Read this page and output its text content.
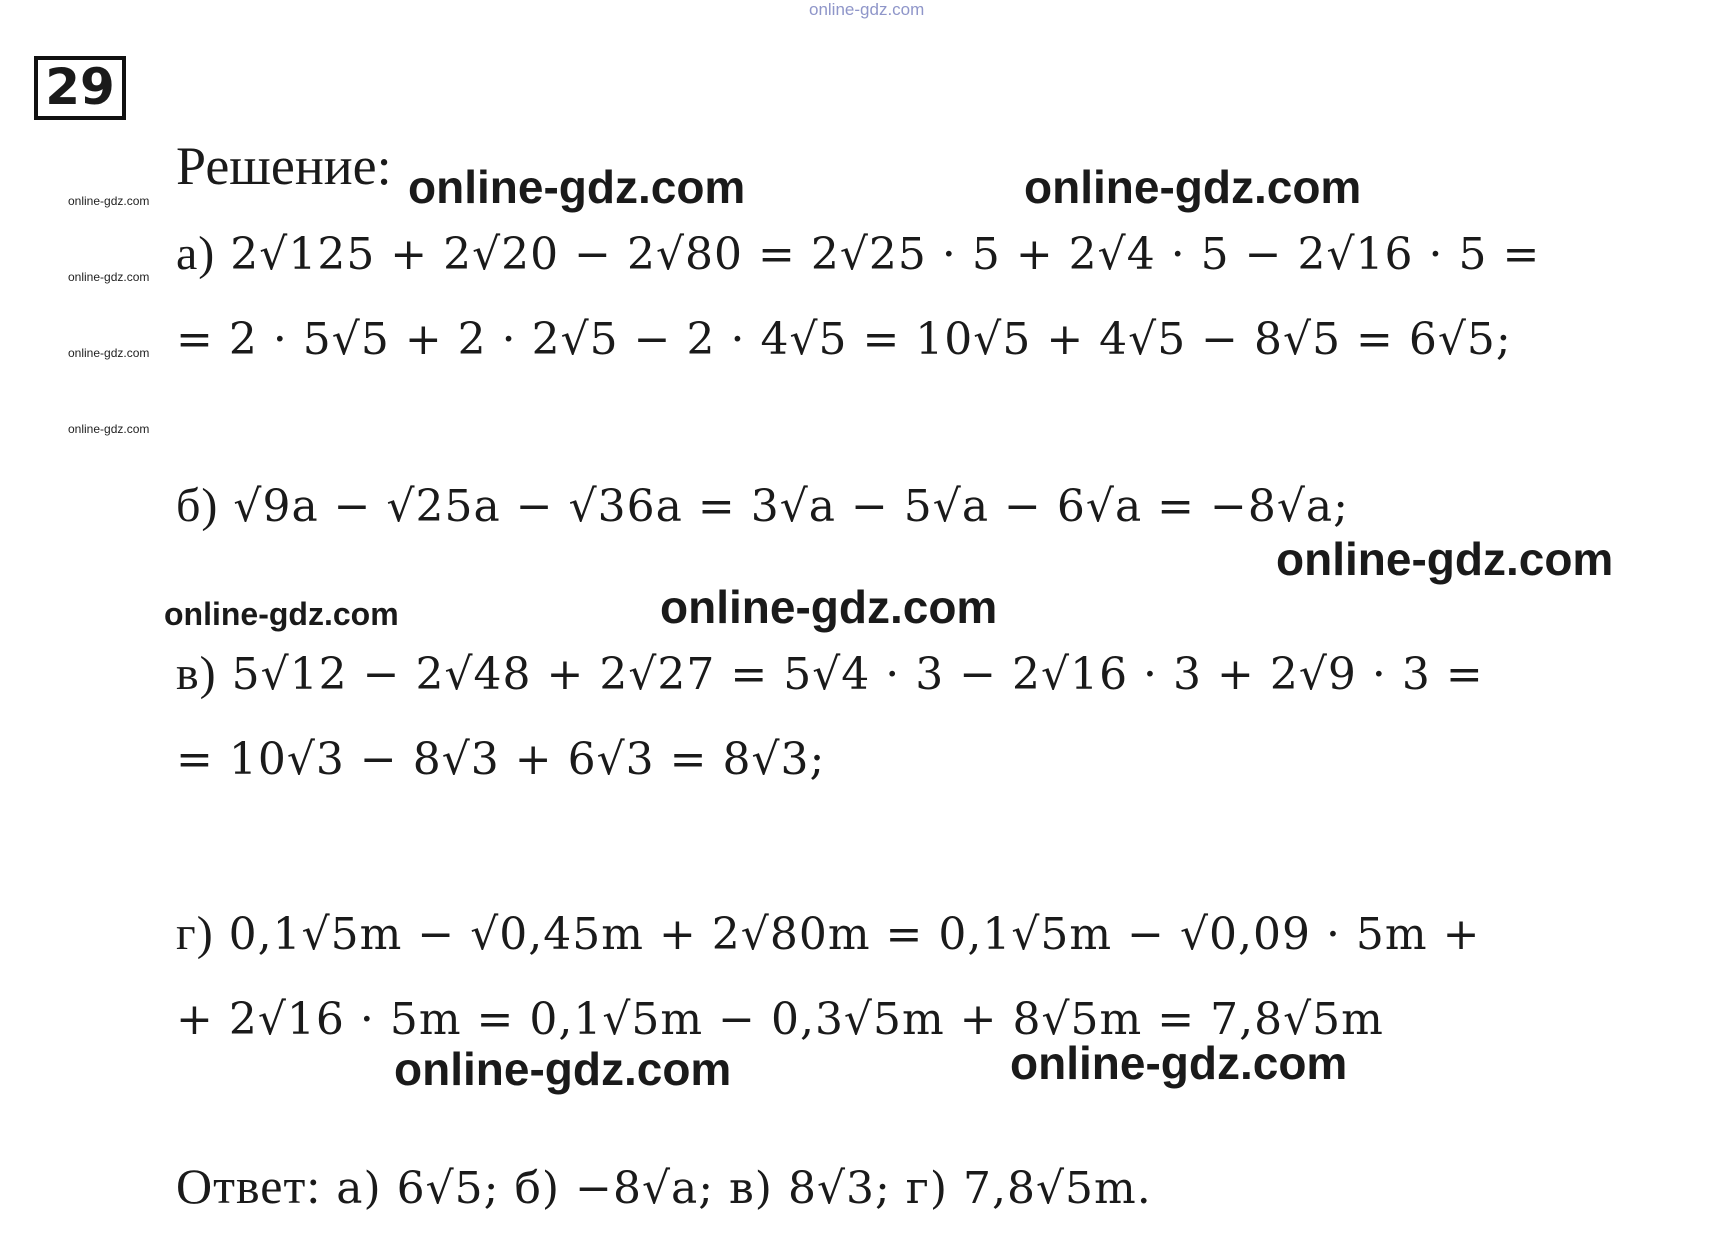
online-gdz.com
29
Решение:
online-gdz.com
online-gdz.com
online-gdz.com
online-gdz.com
online-gdz.com	online-gdz.com
а) 2√125 + 2√20 − 2√80 = 2√25 · 5 + 2√4 · 5 − 2√16 · 5 =
= 2 · 5√5 + 2 · 2√5 − 2 · 4√5 = 10√5 + 4√5 − 8√5 = 6√5;
б) √9a − √25a − √36a = 3√a − 5√a − 6√a = −8√a;
online-gdz.com
online-gdz.com	online-gdz.com
в) 5√12 − 2√48 + 2√27 = 5√4 · 3 − 2√16 · 3 + 2√9 · 3 =
= 10√3 − 8√3 + 6√3 = 8√3;
г) 0,1√5m − √0,45m + 2√80m = 0,1√5m − √0,09 · 5m +
+ 2√16 · 5m = 0,1√5m − 0,3√5m + 8√5m = 7,8√5m
online-gdz.com	online-gdz.com
Ответ: а) 6√5; б) −8√a; в) 8√3; г) 7,8√5m.
